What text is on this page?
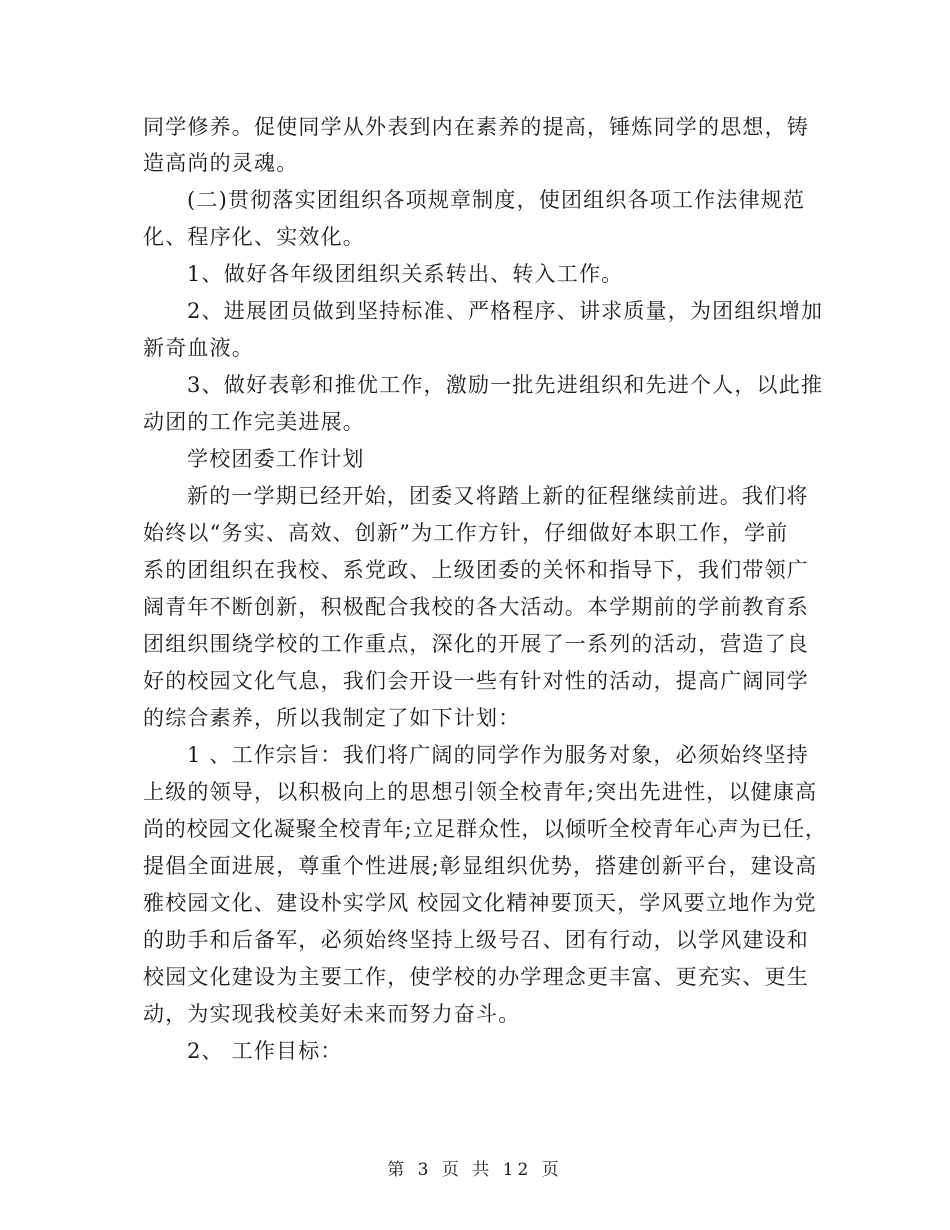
同学修养。促使同学从外表到内在素养的提高，锤炼同学的思想，铸
造高尚的灵魂。
(二)贯彻落实团组织各项规章制度，使团组织各项工作法律规范
化、程序化、实效化。
1、做好各年级团组织关系转出、转入工作。
2、进展团员做到坚持标准、严格程序、讲求质量，为团组织增加
新奇血液。
3、做好表彰和推优工作，激励一批先进组织和先进个人，以此推
动团的工作完美进展。
学校团委工作计划
新的一学期已经开始，团委又将踏上新的征程继续前进。我们将
始终以“务实、高效、创新”为工作方针，仔细做好本职工作，学前
系的团组织在我校、系党政、上级团委的关怀和指导下，我们带领广
阔青年不断创新，积极配合我校的各大活动。本学期前的学前教育系
团组织围绕学校的工作重点，深化的开展了一系列的活动，营造了良
好的校园文化气息，我们会开设一些有针对性的活动，提高广阔同学
的综合素养，所以我制定了如下计划：
1 、工作宗旨：我们将广阔的同学作为服务对象，必须始终坚持
上级的领导，以积极向上的思想引领全校青年;突出先进性，以健康高
尚的校园文化凝聚全校青年;立足群众性，以倾听全校青年心声为已任，
提倡全面进展，尊重个性进展;彰显组织优势，搭建创新平台，建设高
雅校园文化、建设朴实学风 校园文化精神要顶天，学风要立地作为党
的助手和后备军，必须始终坚持上级号召、团有行动，以学风建设和
校园文化建设为主要工作，使学校的办学理念更丰富、更充实、更生
动，为实现我校美好未来而努力奋斗。
2、 工作目标：
第 3 页 共 12 页
